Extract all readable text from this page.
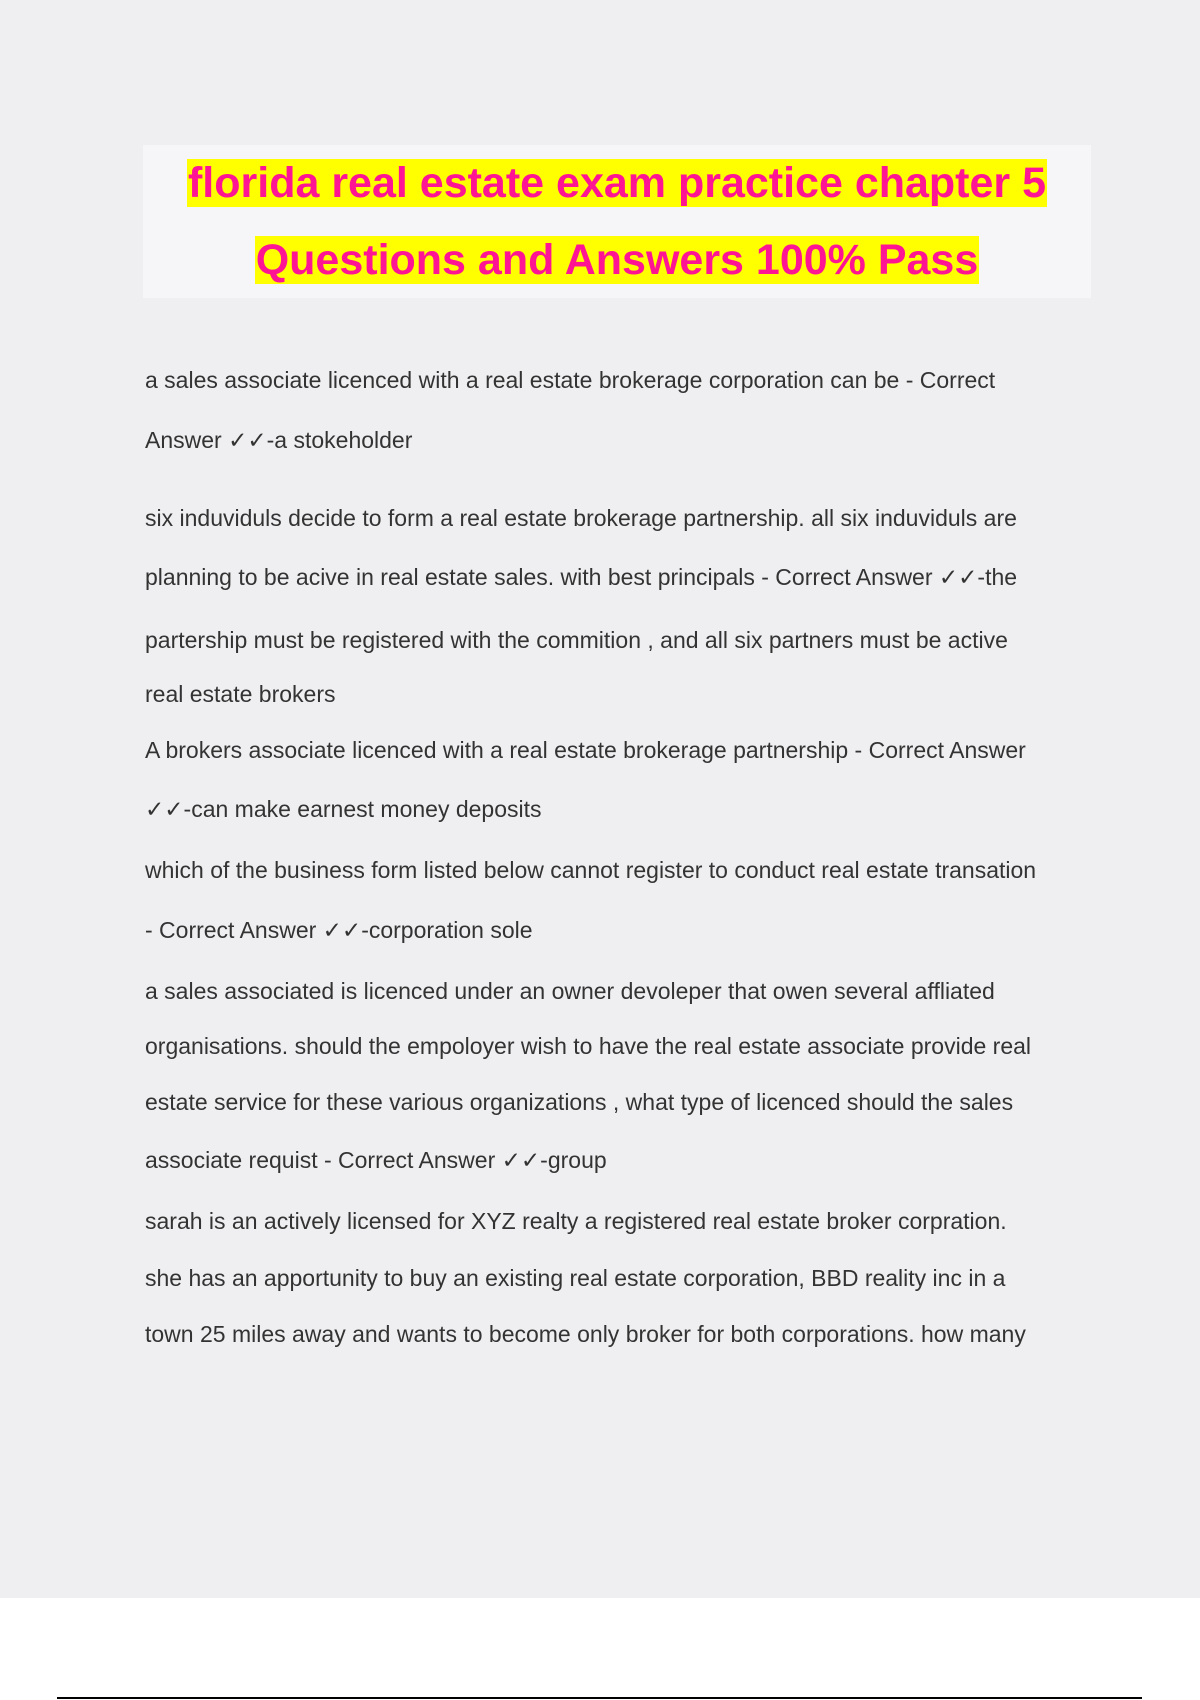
florida real estate exam practice chapter 5
Questions and Answers 100% Pass
a sales associate licenced with a real estate brokerage corporation can be - Correct
Answer ✓✓-a stokeholder
six induviduls decide to form a real estate brokerage partnership. all six induviduls are
planning to be acive in real estate sales. with best principals - Correct Answer ✓✓-the
partership must be registered with the commition , and all six partners must be active
real estate brokers
A brokers associate licenced with a real estate brokerage partnership - Correct Answer
✓✓-can make earnest money deposits
which of the business form listed below cannot register to conduct real estate transation
- Correct Answer ✓✓-corporation sole
a sales associated is licenced under an owner devoleper that owen several affliated
organisations. should the empoloyer wish to have the real estate associate provide real
estate service for these various organizations , what type of licenced should the sales
associate requist - Correct Answer ✓✓-group
sarah is an actively licensed for XYZ realty a registered real estate broker corpration.
she has an apportunity to buy an existing real estate corporation, BBD reality inc in a
town 25 miles away and wants to become only broker for both corporations. how many
